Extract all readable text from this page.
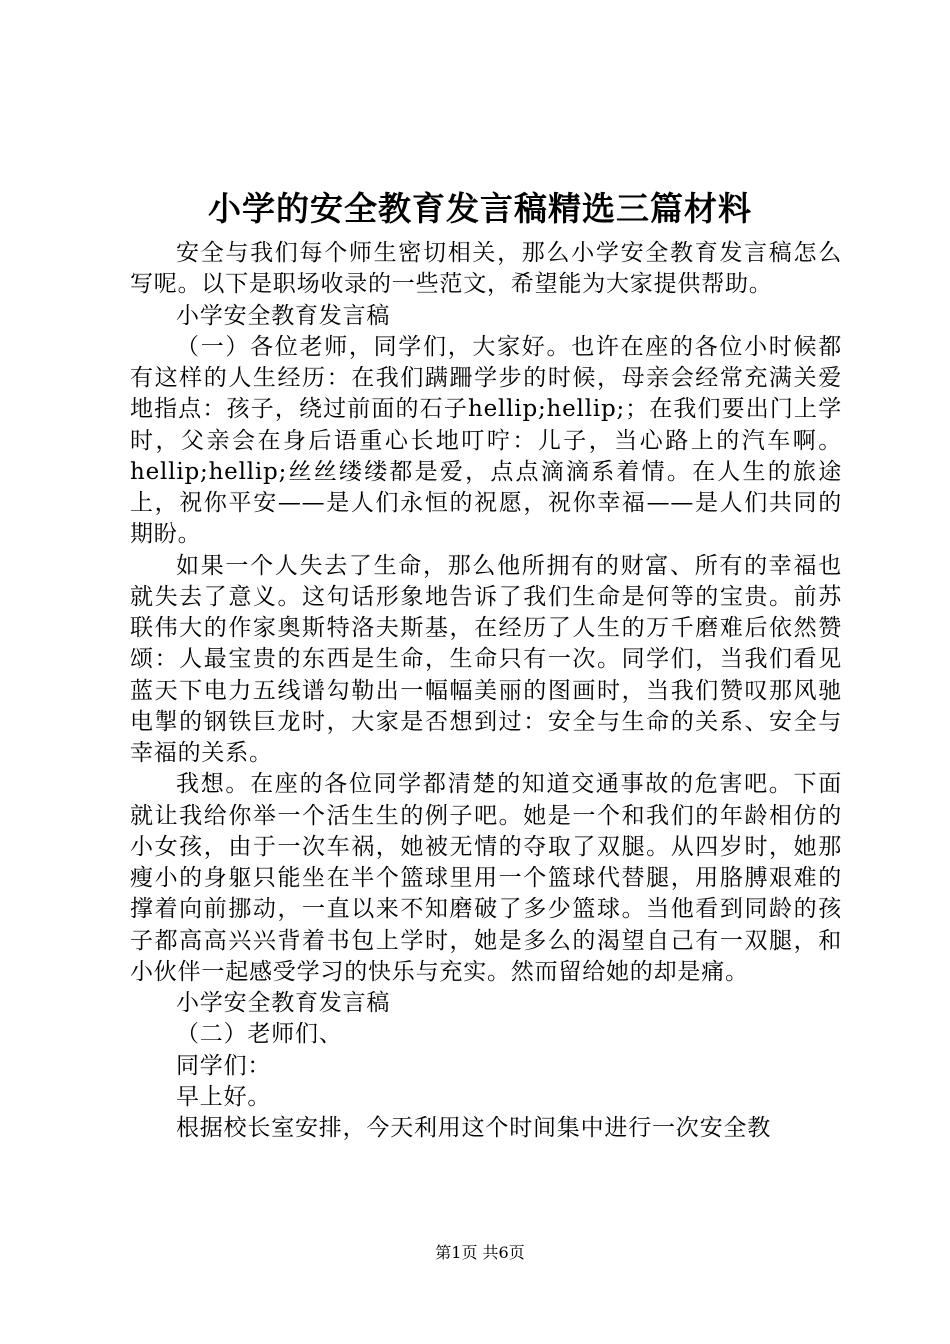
小学的安全教育发言稿精选三篇材料

安全与我们每个师生密切相关，那么小学安全教育发言稿怎么写呢。以下是职场收录的一些范文，希望能为大家提供帮助。

小学安全教育发言稿

（一）各位老师，同学们，大家好。也许在座的各位小时候都有这样的人生经历：在我们蹒跚学步的时候，母亲会经常充满关爱地指点：孩子，绕过前面的石子hellip;hellip;；在我们要出门上学时，父亲会在身后语重心长地叮咛：儿子，当心路上的汽车啊。hellip;hellip;丝丝缕缕都是爱，点点滴滴系着情。在人生的旅途上，祝你平安——是人们永恒的祝愿，祝你幸福——是人们共同的期盼。

如果一个人失去了生命，那么他所拥有的财富、所有的幸福也就失去了意义。这句话形象地告诉了我们生命是何等的宝贵。前苏联伟大的作家奥斯特洛夫斯基，在经历了人生的万千磨难后依然赞颂：人最宝贵的东西是生命，生命只有一次。同学们，当我们看见蓝天下电力五线谱勾勒出一幅幅美丽的图画时，当我们赞叹那风驰电掣的钢铁巨龙时，大家是否想到过：安全与生命的关系、安全与幸福的关系。

我想。在座的各位同学都清楚的知道交通事故的危害吧。下面就让我给你举一个活生生的例子吧。她是一个和我们的年龄相仿的小女孩，由于一次车祸，她被无情的夺取了双腿。从四岁时，她那瘦小的身躯只能坐在半个篮球里用一个篮球代替腿，用胳膊艰难的撑着向前挪动，一直以来不知磨破了多少篮球。当他看到同龄的孩子都高高兴兴背着书包上学时，她是多么的渴望自己有一双腿，和小伙伴一起感受学习的快乐与充实。然而留给她的却是痛。

小学安全教育发言稿

（二）老师们、

同学们：

早上好。

根据校长室安排，今天利用这个时间集中进行一次安全教

第1页 共6页
